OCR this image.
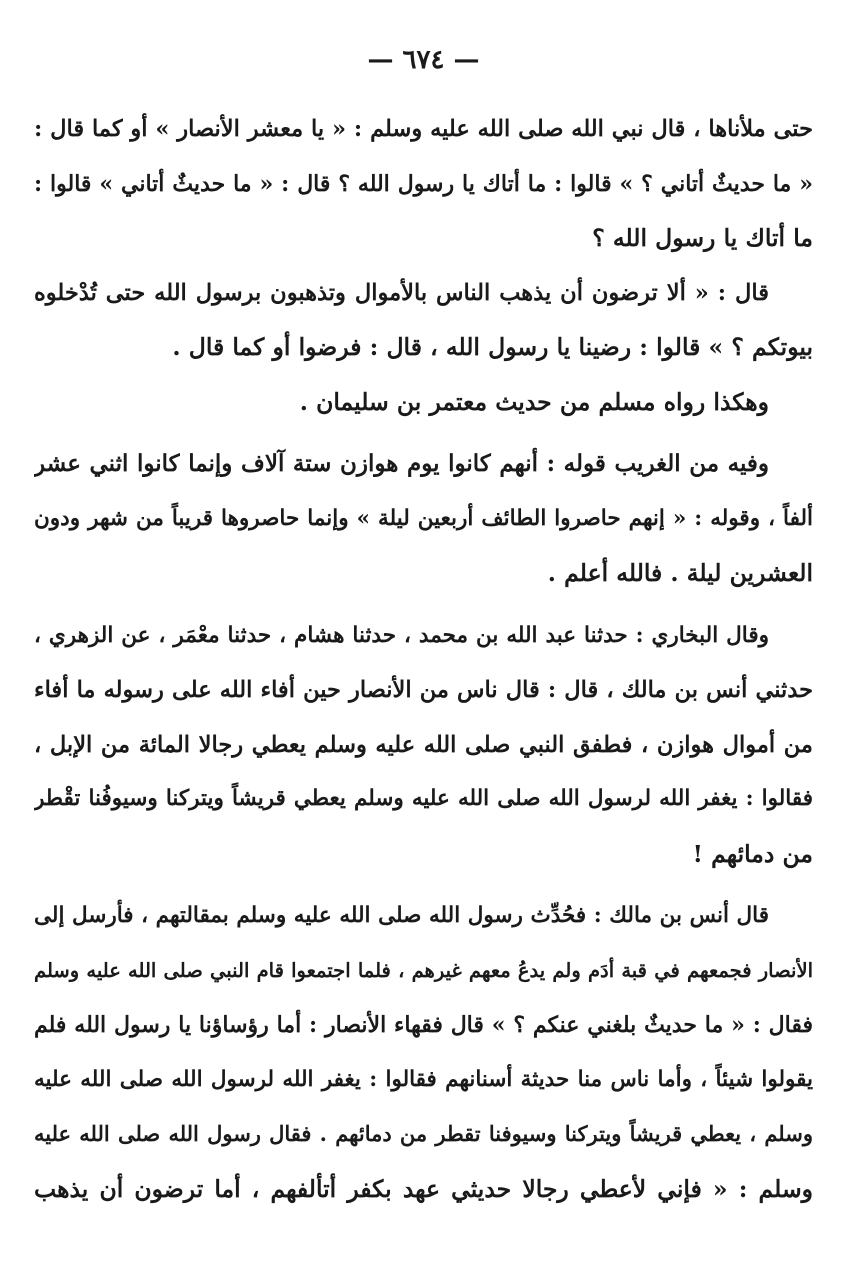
— ٦٧٤ —
حتى ملأناها ، قال نبي الله صلى الله عليه وسلم : « يا معشر الأنصار » أو كما قال :
« ما حديثٌ أتاني ؟ » قالوا : ما أتاك يا رسول الله ؟ قال : « ما حديثٌ أتاني » قالوا :
ما أتاك يا رسول الله ؟
قال : « ألا ترضون أن يذهب الناس بالأموال وتذهبون برسول الله حتى تُدْخلوه
بيوتكم ؟ » قالوا : رضينا يا رسول الله ، قال : فرضوا أو كما قال .
وهكذا رواه مسلم من حديث معتمر بن سليمان .
وفيه من الغريب قوله : أنهم كانوا يوم هوازن ستة آلاف وإنما كانوا اثني عشر
ألفاً ، وقوله : « إنهم حاصروا الطائف أربعين ليلة » وإنما حاصروها قريباً من شهر ودون
العشرين ليلة . فالله أعلم .
وقال البخاري : حدثنا عبد الله بن محمد ، حدثنا هشام ، حدثنا معْمَر ، عن الزهري ،
حدثني أنس بن مالك ، قال : قال ناس من الأنصار حين أفاء الله على رسوله ما أفاء
من أموال هوازن ، فطفق النبي صلى الله عليه وسلم يعطي رجالا المائة من الإبل ،
فقالوا : يغفر الله لرسول الله صلى الله عليه وسلم يعطي قريشاً ويتركنا وسيوفُنا تقْطر
من دمائهم !
قال أنس بن مالك : فحُدِّث رسول الله صلى الله عليه وسلم بمقالتهم ، فأرسل إلى
الأنصار فجمعهم في قبة أدَم ولم يدعُ معهم غيرهم ، فلما اجتمعوا قام النبي صلى الله عليه وسلم
فقال : « ما حديثٌ بلغني عنكم ؟ » قال فقهاء الأنصار : أما رؤساؤنا يا رسول الله فلم
يقولوا شيئاً ، وأما ناس منا حديثة أسنانهم فقالوا : يغفر الله لرسول الله صلى الله عليه
وسلم ، يعطي قريشاً ويتركنا وسيوفنا تقطر من دمائهم . فقال رسول الله صلى الله عليه
وسلم : « فإني لأعطي رجالا حديثي عهد بكفر أتألفهم ، أما ترضون أن يذهب
